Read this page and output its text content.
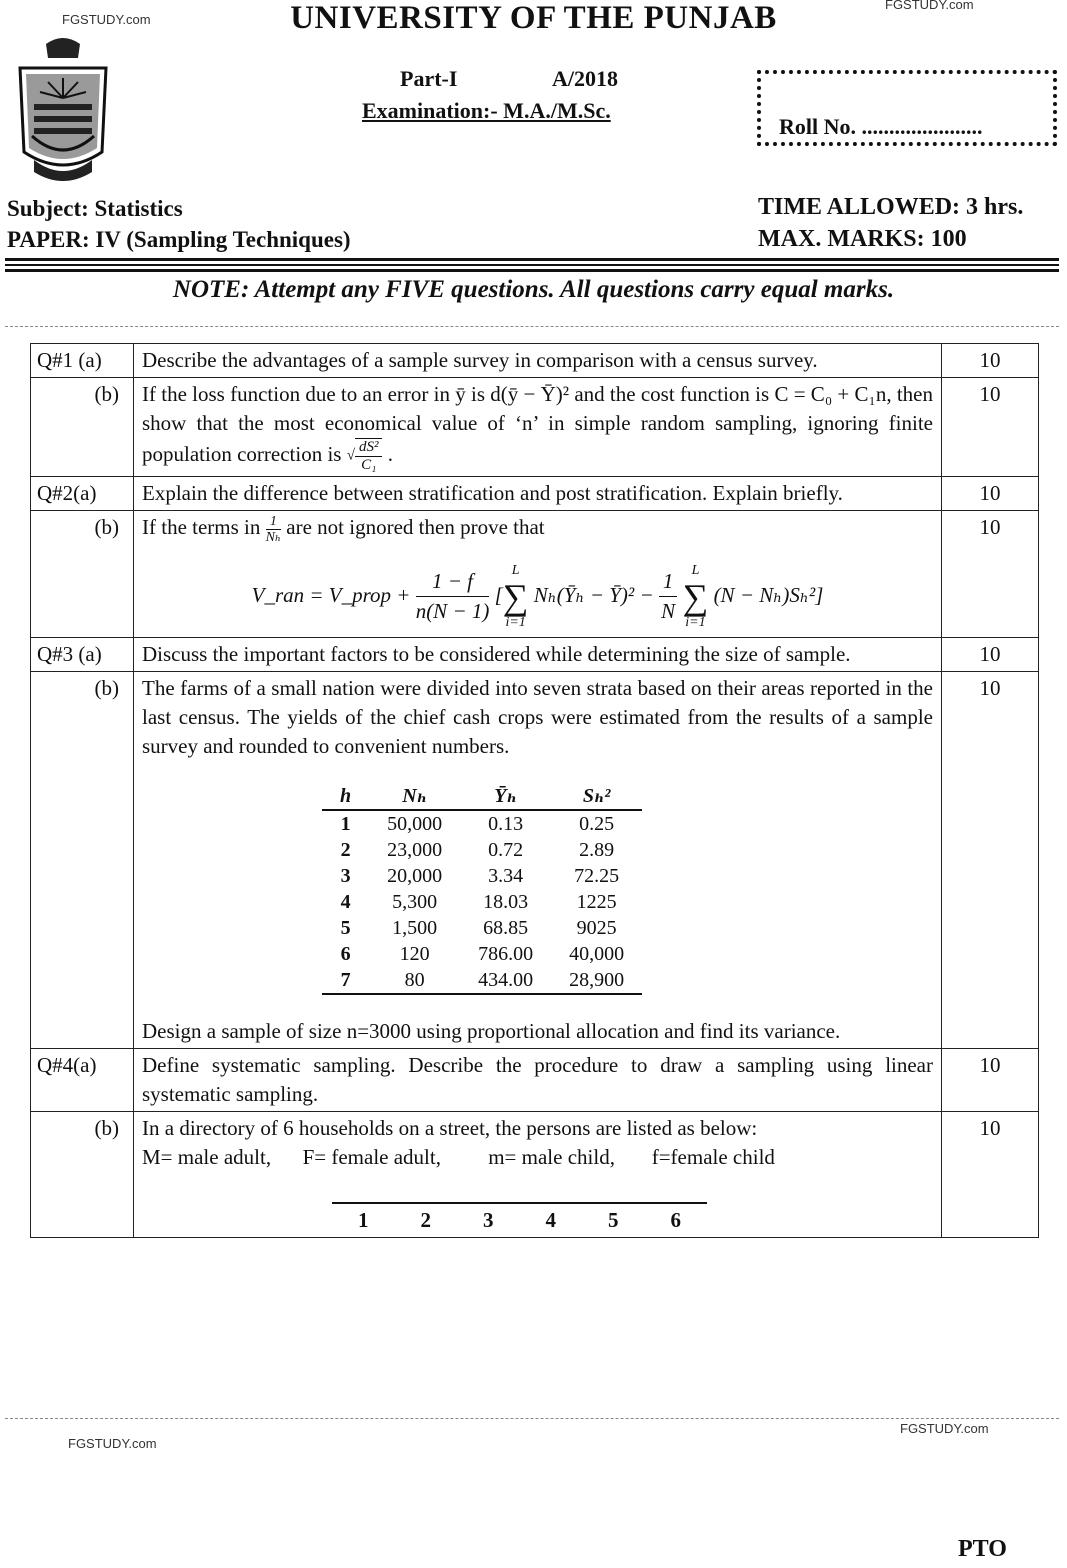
FGSTUDY.com
FGSTUDY.com
UNIVERSITY OF THE PUNJAB
Part-I	A/2018
Examination:- M.A./M.Sc.
Roll No. ......................
Subject: Statistics
PAPER: IV (Sampling Techniques)
TIME ALLOWED: 3 hrs.
MAX. MARKS: 100
NOTE: Attempt any FIVE questions. All questions carry equal marks.
Q#1 (a)	Describe the advantages of a sample survey in comparison with a census survey.	10

(b)	If the loss function due to an error in ȳ is d(ȳ − Ȳ)² and the cost function is C = C₀ + C₁n, then show that the most economical value of ‘n’ in simple random sampling, ignoring finite population correction is √ $\frac{\text{dS²}}{\text{C₁}}$ .	10
Q#2(a)	Explain the difference between stratification and post stratification. Explain briefly.	10

(b)	If the terms in $\frac{1}{\text{Nₕ}}$ are not ignored then prove that
V_ran = V_prop + $\frac{1 - f}{n(N - 1)} [L$
∑
i=1 Nₕ(Ȳₕ − Ȳ)² − $\frac{1}{N}$ L
∑
i=1 (N − Nₕ)Sₕ²]
	10
Q#3 (a)	Discuss the important factors to be considered while determining the size of sample.	10

(b)	The farms of a small nation were divided into seven strata based on their areas reported in the last census. The yields of the chief cash crops were estimated from the results of a sample survey and rounded to convenient numbers.
h	Nₕ	Ȳₕ	Sₕ²
1	50,000	0.13	0.25
2	23,000	0.72	2.89
3	20,000	3.34	72.25
4	5,300	18.03	1225
5	1,500	68.85	9025
6	120	786.00	40,000
7	80	434.00	28,900
Design a sample of size n=3000 using proportional allocation and find its variance.
	10
Q#4(a)	Define systematic sampling. Describe the procedure to draw a sampling using linear systematic sampling.	10

(b)	In a directory of 6 households on a street, the persons are listed as below:
M= male adult, F= female adult, m= male child, f=female child
1	2	3	4	5	6
	10
FGSTUDY.com
FGSTUDY.com
PTO
